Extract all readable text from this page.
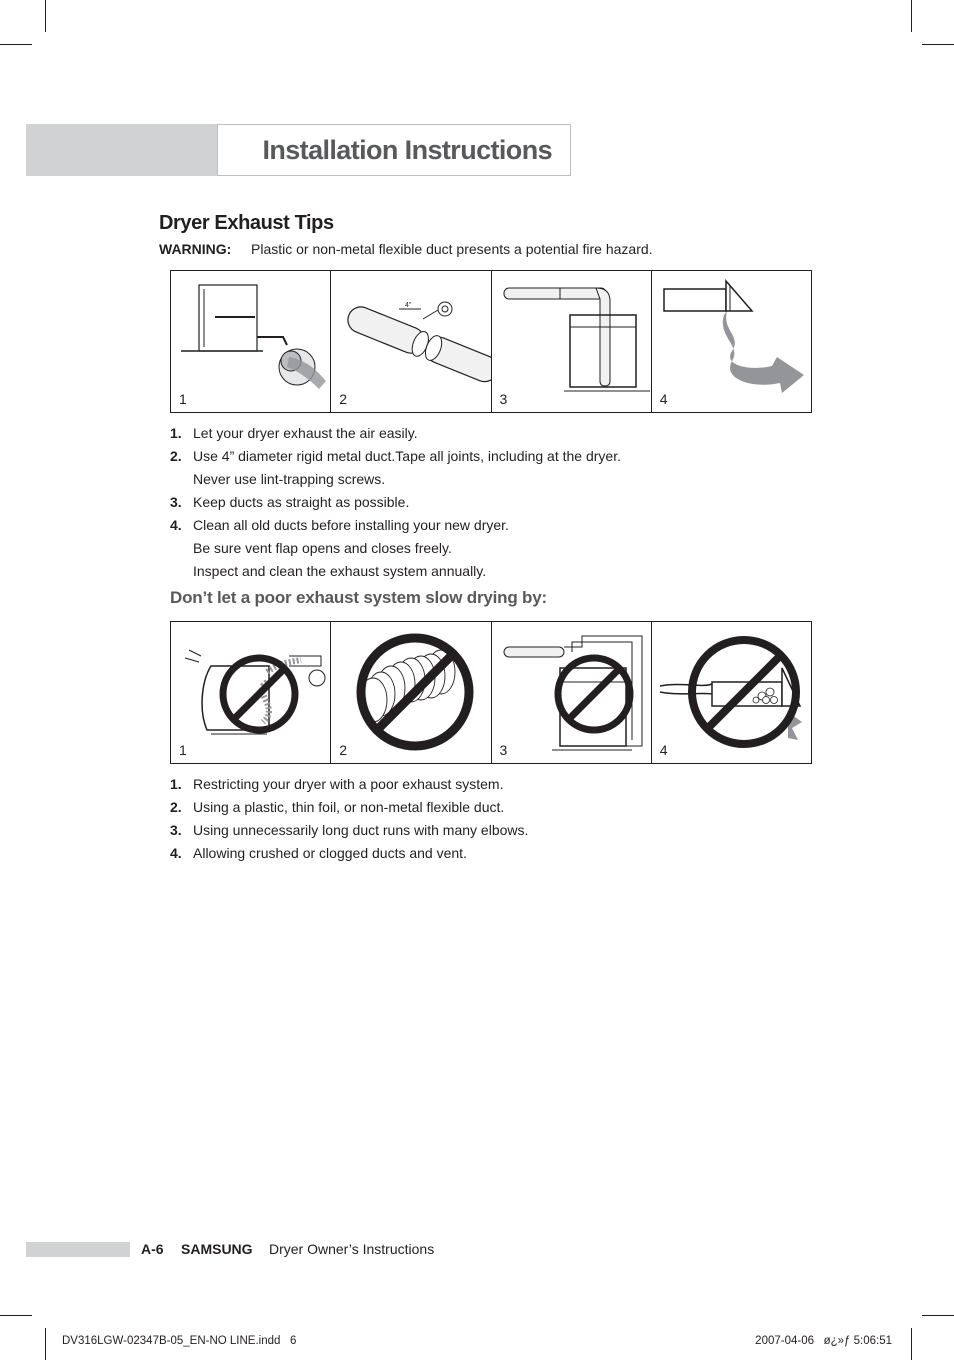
Installation Instructions
Dryer Exhaust Tips
WARNING: Plastic or non-metal flexible duct presents a potential fire hazard.
1
4"
2	3	4
1. Let your dryer exhaust the air easily.
2. Use 4” diameter rigid metal duct.Tape all joints, including at the dryer.
Never use lint-trapping screws.
3. Keep ducts as straight as possible.
4. Clean all old ducts before installing your new dryer.
Be sure vent flap opens and closes freely.
Inspect and clean the exhaust system annually.
Don’t let a poor exhaust system slow drying by:
1	2	3	4
1. Restricting your dryer with a poor exhaust system.
2. Using a plastic, thin foil, or non-metal flexible duct.
3. Using unnecessarily long duct runs with many elbows.
4. Allowing crushed or clogged ducts and vent.
A-6 SAMSUNG Dryer Owner’s Instructions
DV316LGW-02347B-05_EN-NO LINE.indd   6	2007-04-06   ø¿»ƒ 5:06:51
